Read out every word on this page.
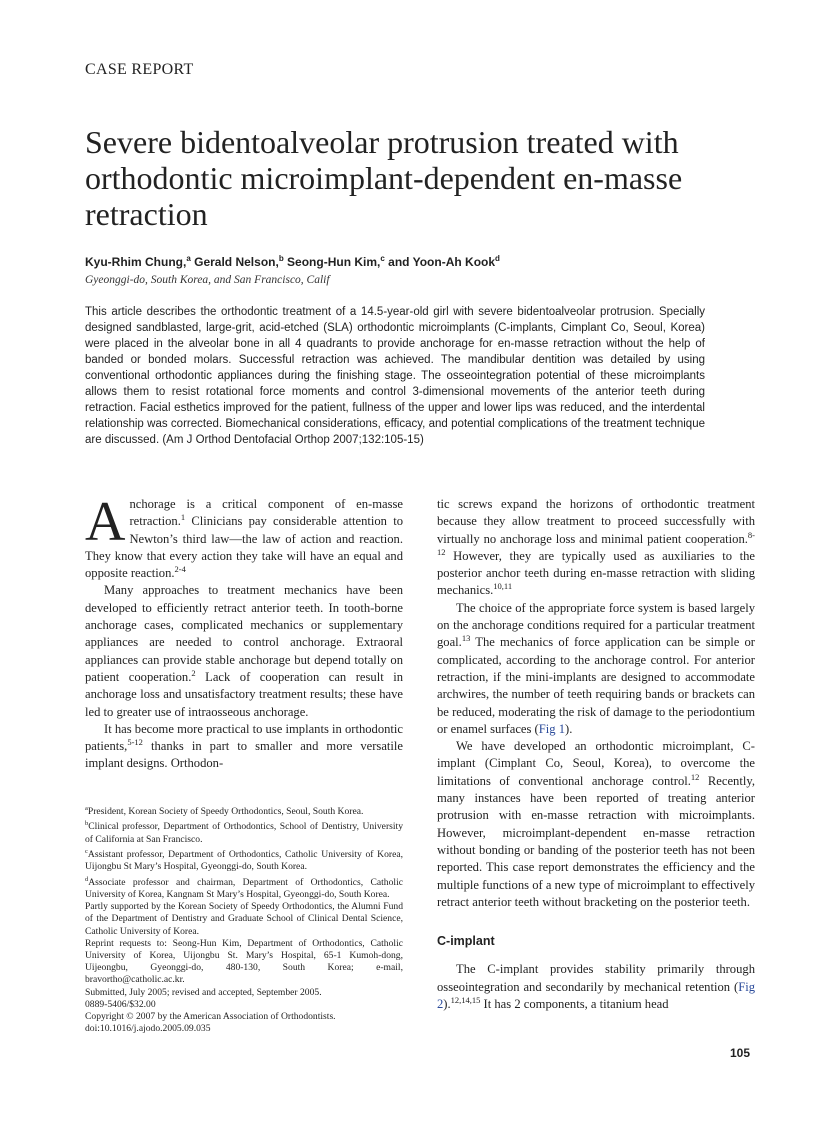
CASE REPORT
Severe bidentoalveolar protrusion treated with orthodontic microimplant-dependent en-masse retraction
Kyu-Rhim Chung,$^a$ Gerald Nelson,$^b$ Seong-Hun Kim,$^c$ and Yoon-Ah Kook$^d$
Gyeonggi-do, South Korea, and San Francisco, Calif

This article describes the orthodontic treatment of a 14.5-year-old girl with severe bidentoalveolar protrusion. Specially designed sandblasted, large-grit, acid-etched (SLA) orthodontic microimplants (C-implants, Cimplant Co, Seoul, Korea) were placed in the alveolar bone in all 4 quadrants to provide anchorage for en-masse retraction without the help of banded or bonded molars. Successful retraction was achieved. The mandibular dentition was detailed by using conventional orthodontic appliances during the finishing stage. The osseointegration potential of these microimplants allows them to resist rotational force moments and control 3-dimensional movements of the anterior teeth during retraction. Facial esthetics improved for the patient, fullness of the upper and lower lips was reduced, and the interdental relationship was corrected. Biomechanical considerations, efficacy, and potential complications of the treatment technique are discussed. (Am J Orthod Dentofacial Orthop 2007;132:105-15)

Anchorage is a critical component of en-masse retraction.$^1$ Clinicians pay considerable attention to Newton’s third law—the law of action and reaction. They know that every action they take will have an equal and opposite reaction.$^{2-4}$

Many approaches to treatment mechanics have been developed to efficiently retract anterior teeth. In tooth-borne anchorage cases, complicated mechanics or supplementary appliances are needed to control anchorage. Extraoral appliances can provide stable anchorage but depend totally on patient cooperation.$^2$ Lack of cooperation can result in anchorage loss and unsatisfactory treatment results; these have led to greater use of intraosseous anchorage.

It has become more practical to use implants in orthodontic patients,$^{5-12}$ thanks in part to smaller and more versatile implant designs. Orthodon-

$^a$President, Korean Society of Speedy Orthodontics, Seoul, South Korea.
$^b$Clinical professor, Department of Orthodontics, School of Dentistry, University of California at San Francisco.
$^c$Assistant professor, Department of Orthodontics, Catholic University of Korea, Uijongbu St Mary’s Hospital, Gyeonggi-do, South Korea.
$^d$Associate professor and chairman, Department of Orthodontics, Catholic University of Korea, Kangnam St Mary’s Hospital, Gyeonggi-do, South Korea.
Partly supported by the Korean Society of Speedy Orthodontics, the Alumni Fund of the Department of Dentistry and Graduate School of Clinical Dental Science, Catholic University of Korea.
Reprint requests to: Seong-Hun Kim, Department of Orthodontics, Catholic University of Korea, Uijongbu St. Mary’s Hospital, 65-1 Kumoh-dong, Uijeongbu, Gyeonggi-do, 480-130, South Korea; e-mail, bravortho@catholic.ac.kr.
Submitted, July 2005; revised and accepted, September 2005.
0889-5406/$32.00
Copyright © 2007 by the American Association of Orthodontists.
doi:10.1016/j.ajodo.2005.09.035

tic screws expand the horizons of orthodontic treatment because they allow treatment to proceed successfully with virtually no anchorage loss and minimal patient cooperation.$^{8-12}$ However, they are typically used as auxiliaries to the posterior anchor teeth during en-masse retraction with sliding mechanics.$^{10,11}$

The choice of the appropriate force system is based largely on the anchorage conditions required for a particular treatment goal.$^{13}$ The mechanics of force application can be simple or complicated, according to the anchorage control. For anterior retraction, if the mini-implants are designed to accommodate archwires, the number of teeth requiring bands or brackets can be reduced, moderating the risk of damage to the periodontium or enamel surfaces (Fig 1).

We have developed an orthodontic microimplant, C-implant (Cimplant Co, Seoul, Korea), to overcome the limitations of conventional anchorage control.$^{12}$ Recently, many instances have been reported of treating anterior protrusion with en-masse retraction with microimplants. However, microimplant-dependent en-masse retraction without bonding or banding of the posterior teeth has not been reported. This case report demonstrates the efficiency and the multiple functions of a new type of microimplant to effectively retract anterior teeth without bracketing on the posterior teeth.

C-implant

The C-implant provides stability primarily through osseointegration and secondarily by mechanical retention (Fig 2).$^{12,14,15}$ It has 2 components, a titanium head

105
